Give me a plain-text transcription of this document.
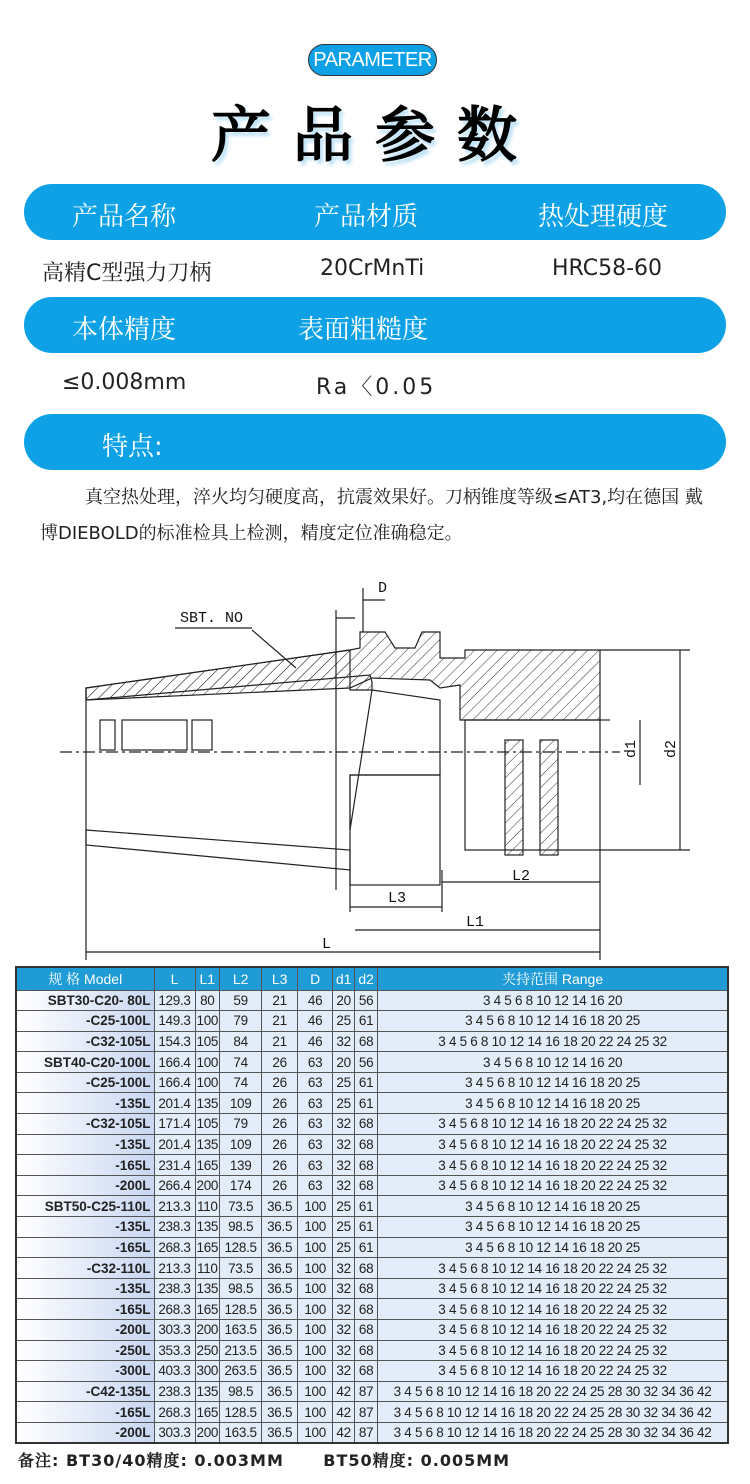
PARAMETER
产品参数
产品名称	产品材质	热处理硬度
高精C型强力刀柄	20CrMnTi	HRC58-60
本体精度	表面粗糙度
≤0.008mm	Ra〈0.05
特点:
真空热处理，淬火均匀硬度高，抗震效果好。刀柄锥度等级≤AT3,均在德国 戴博DIEBOLD的标准检具上检测，精度定位准确稳定。
SBT. NO
D
d1 d2
L3
L2
L1
L
规 格 Model	L	L1	L2	L3	D	d1	d2	夹持范围 Range
SBT30-C20- 80L	129.3	80	59	21	46	20	56	3 4 5 6 8 10 12 14 16 20
-C25-100L	149.3	100	79	21	46	25	61	3 4 5 6 8 10 12 14 16 18 20 25
-C32-105L	154.3	105	84	21	46	32	68	3 4 5 6 8 10 12 14 16 18 20 22 24 25 32
SBT40-C20-100L	166.4	100	74	26	63	20	56	3 4 5 6 8 10 12 14 16 20
-C25-100L	166.4	100	74	26	63	25	61	3 4 5 6 8 10 12 14 16 18 20 25
-135L	201.4	135	109	26	63	25	61	3 4 5 6 8 10 12 14 16 18 20 25
-C32-105L	171.4	105	79	26	63	32	68	3 4 5 6 8 10 12 14 16 18 20 22 24 25 32
-135L	201.4	135	109	26	63	32	68	3 4 5 6 8 10 12 14 16 18 20 22 24 25 32
-165L	231.4	165	139	26	63	32	68	3 4 5 6 8 10 12 14 16 18 20 22 24 25 32
-200L	266.4	200	174	26	63	32	68	3 4 5 6 8 10 12 14 16 18 20 22 24 25 32
SBT50-C25-110L	213.3	110	73.5	36.5	100	25	61	3 4 5 6 8 10 12 14 16 18 20 25
-135L	238.3	135	98.5	36.5	100	25	61	3 4 5 6 8 10 12 14 16 18 20 25
-165L	268.3	165	128.5	36.5	100	25	61	3 4 5 6 8 10 12 14 16 18 20 25
-C32-110L	213.3	110	73.5	36.5	100	32	68	3 4 5 6 8 10 12 14 16 18 20 22 24 25 32
-135L	238.3	135	98.5	36.5	100	32	68	3 4 5 6 8 10 12 14 16 18 20 22 24 25 32
-165L	268.3	165	128.5	36.5	100	32	68	3 4 5 6 8 10 12 14 16 18 20 22 24 25 32
-200L	303.3	200	163.5	36.5	100	32	68	3 4 5 6 8 10 12 14 16 18 20 22 24 25 32
-250L	353.3	250	213.5	36.5	100	32	68	3 4 5 6 8 10 12 14 16 18 20 22 24 25 32
-300L	403.3	300	263.5	36.5	100	32	68	3 4 5 6 8 10 12 14 16 18 20 22 24 25 32
-C42-135L	238.3	135	98.5	36.5	100	42	87	3 4 5 6 8 10 12 14 16 18 20 22 24 25 28 30 32 34 36 42
-165L	268.3	165	128.5	36.5	100	42	87	3 4 5 6 8 10 12 14 16 18 20 22 24 25 28 30 32 34 36 42
-200L	303.3	200	163.5	36.5	100	42	87	3 4 5 6 8 10 12 14 16 18 20 22 24 25 28 30 32 34 36 42
备注: BT30/40精度: 0.003MM      BT50精度: 0.005MM
